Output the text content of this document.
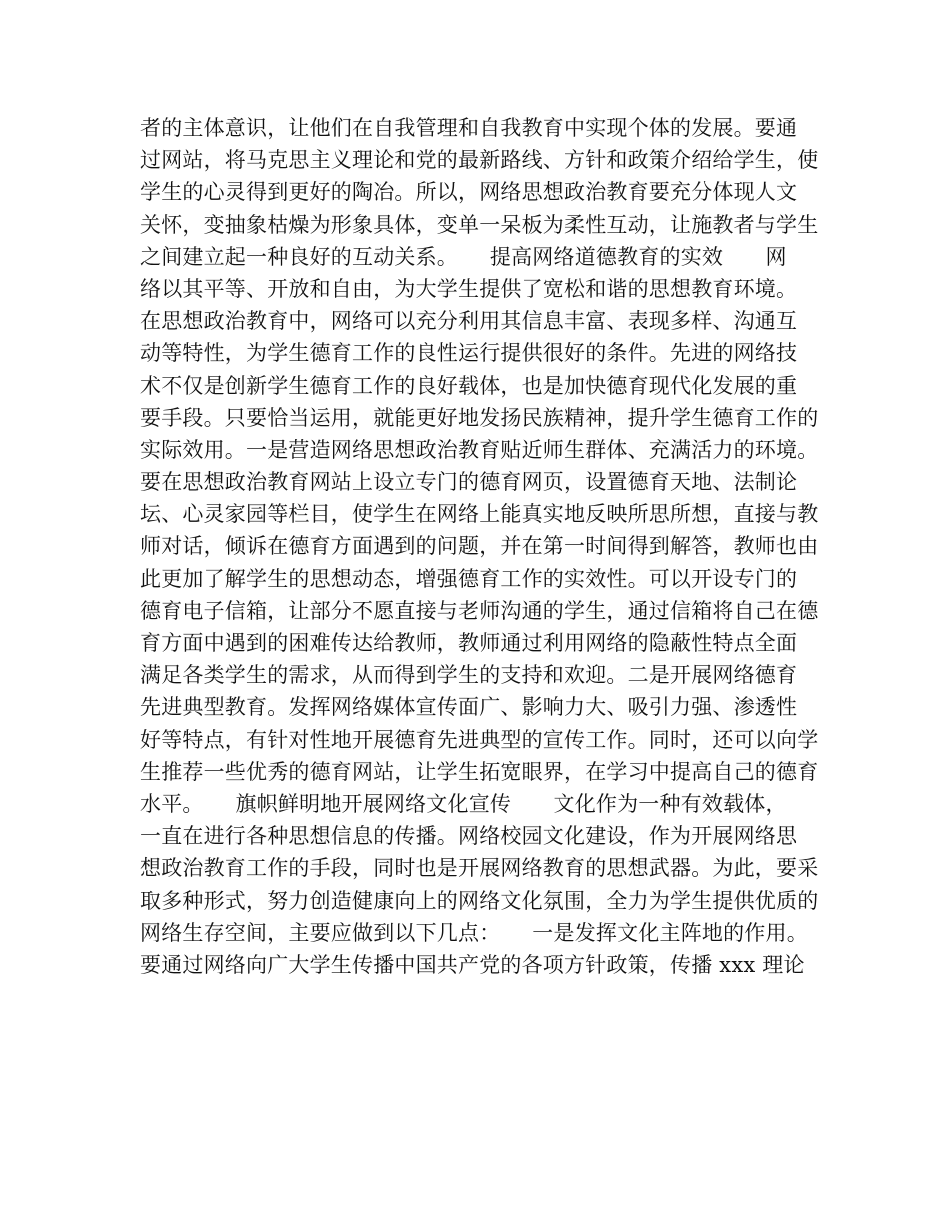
者的主体意识，让他们在自我管理和自我教育中实现个体的发展。要通
过网站，将马克思主义理论和党的最新路线、方针和政策介绍给学生，使
学生的心灵得到更好的陶冶。所以，网络思想政治教育要充分体现人文
关怀，变抽象枯燥为形象具体，变单一呆板为柔性互动，让施教者与学生
之间建立起一种良好的互动关系。　　提高网络道德教育的实效　　网
络以其平等、开放和自由，为大学生提供了宽松和谐的思想教育环境。
在思想政治教育中，网络可以充分利用其信息丰富、表现多样、沟通互
动等特性，为学生德育工作的良性运行提供很好的条件。先进的网络技
术不仅是创新学生德育工作的良好载体，也是加快德育现代化发展的重
要手段。只要恰当运用，就能更好地发扬民族精神，提升学生德育工作的
实际效用。一是营造网络思想政治教育贴近师生群体、充满活力的环境。
要在思想政治教育网站上设立专门的德育网页，设置德育天地、法制论
坛、心灵家园等栏目，使学生在网络上能真实地反映所思所想，直接与教
师对话，倾诉在德育方面遇到的问题，并在第一时间得到解答，教师也由
此更加了解学生的思想动态，增强德育工作的实效性。可以开设专门的
德育电子信箱，让部分不愿直接与老师沟通的学生，通过信箱将自己在德
育方面中遇到的困难传达给教师，教师通过利用网络的隐蔽性特点全面
满足各类学生的需求，从而得到学生的支持和欢迎。二是开展网络德育
先进典型教育。发挥网络媒体宣传面广、影响力大、吸引力强、渗透性
好等特点，有针对性地开展德育先进典型的宣传工作。同时，还可以向学
生推荐一些优秀的德育网站，让学生拓宽眼界，在学习中提高自己的德育
水平。　　旗帜鲜明地开展网络文化宣传　　文化作为一种有效载体，
一直在进行各种思想信息的传播。网络校园文化建设，作为开展网络思
想政治教育工作的手段，同时也是开展网络教育的思想武器。为此，要采
取多种形式，努力创造健康向上的网络文化氛围，全力为学生提供优质的
网络生存空间，主要应做到以下几点：　　一是发挥文化主阵地的作用。
要通过网络向广大学生传播中国共产党的各项方针政策，传播 xxx 理论
